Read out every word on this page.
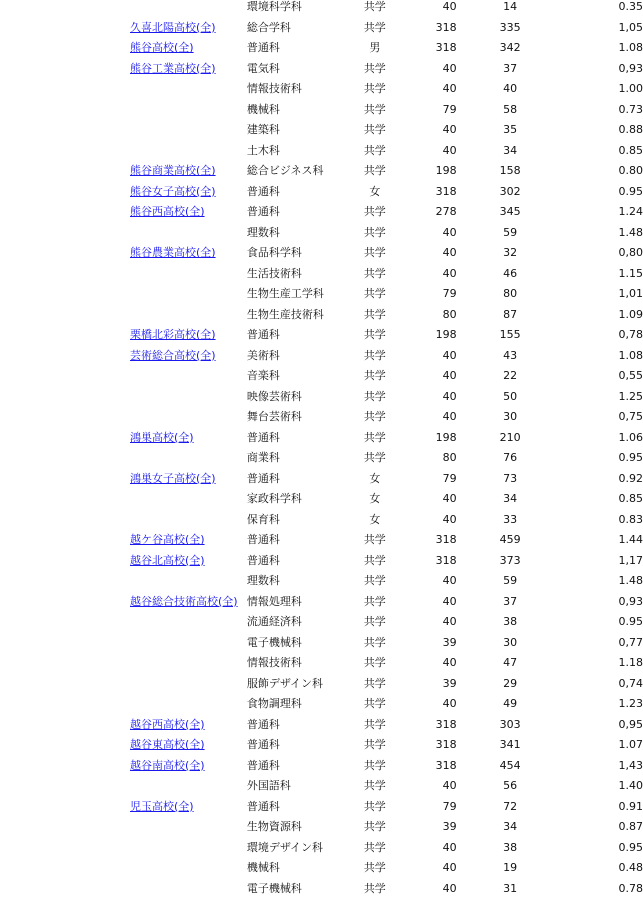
	環境科学科	共学	40	14	0.35
久喜北陽高校(全)	総合学科	共学	318	335	1,05
熊谷高校(全)	普通科	男	318	342	1.08
熊谷工業高校(全)	電気科	共学	40	37	0,93
	情報技術科	共学	40	40	1.00
	機械科	共学	79	58	0.73
	建築科	共学	40	35	0.88
	土木科	共学	40	34	0.85
熊谷商業高校(全)	総合ビジネス科	共学	198	158	0.80
熊谷女子高校(全)	普通科	女	318	302	0.95
熊谷西高校(全)	普通科	共学	278	345	1.24
	理数科	共学	40	59	1.48
熊谷農業高校(全)	食品科学科	共学	40	32	0,80
	生活技術科	共学	40	46	1.15
	生物生産工学科	共学	79	80	1,01
	生物生産技術科	共学	80	87	1.09
栗橋北彩高校(全)	普通科	共学	198	155	0,78
芸術総合高校(全)	美術科	共学	40	43	1.08
	音楽科	共学	40	22	0,55
	映像芸術科	共学	40	50	1.25
	舞台芸術科	共学	40	30	0,75
鴻巣高校(全)	普通科	共学	198	210	1.06
	商業科	共学	80	76	0.95
鴻巣女子高校(全)	普通科	女	79	73	0.92
	家政科学科	女	40	34	0.85
	保育科	女	40	33	0.83
越ケ谷高校(全)	普通科	共学	318	459	1.44
越谷北高校(全)	普通科	共学	318	373	1,17
	理数科	共学	40	59	1.48
越谷総合技術高校(全)	情報処理科	共学	40	37	0,93
	流通経済科	共学	40	38	0.95
	電子機械科	共学	39	30	0,77
	情報技術科	共学	40	47	1.18
	服飾デザイン科	共学	39	29	0,74
	食物調理科	共学	40	49	1.23
越谷西高校(全)	普通科	共学	318	303	0,95
越谷東高校(全)	普通科	共学	318	341	1.07
越谷南高校(全)	普通科	共学	318	454	1,43
	外国語科	共学	40	56	1.40
児玉高校(全)	普通科	共学	79	72	0.91
	生物資源科	共学	39	34	0.87
	環境デザイン科	共学	40	38	0.95
	機械科	共学	40	19	0.48
	電子機械科	共学	40	31	0.78
